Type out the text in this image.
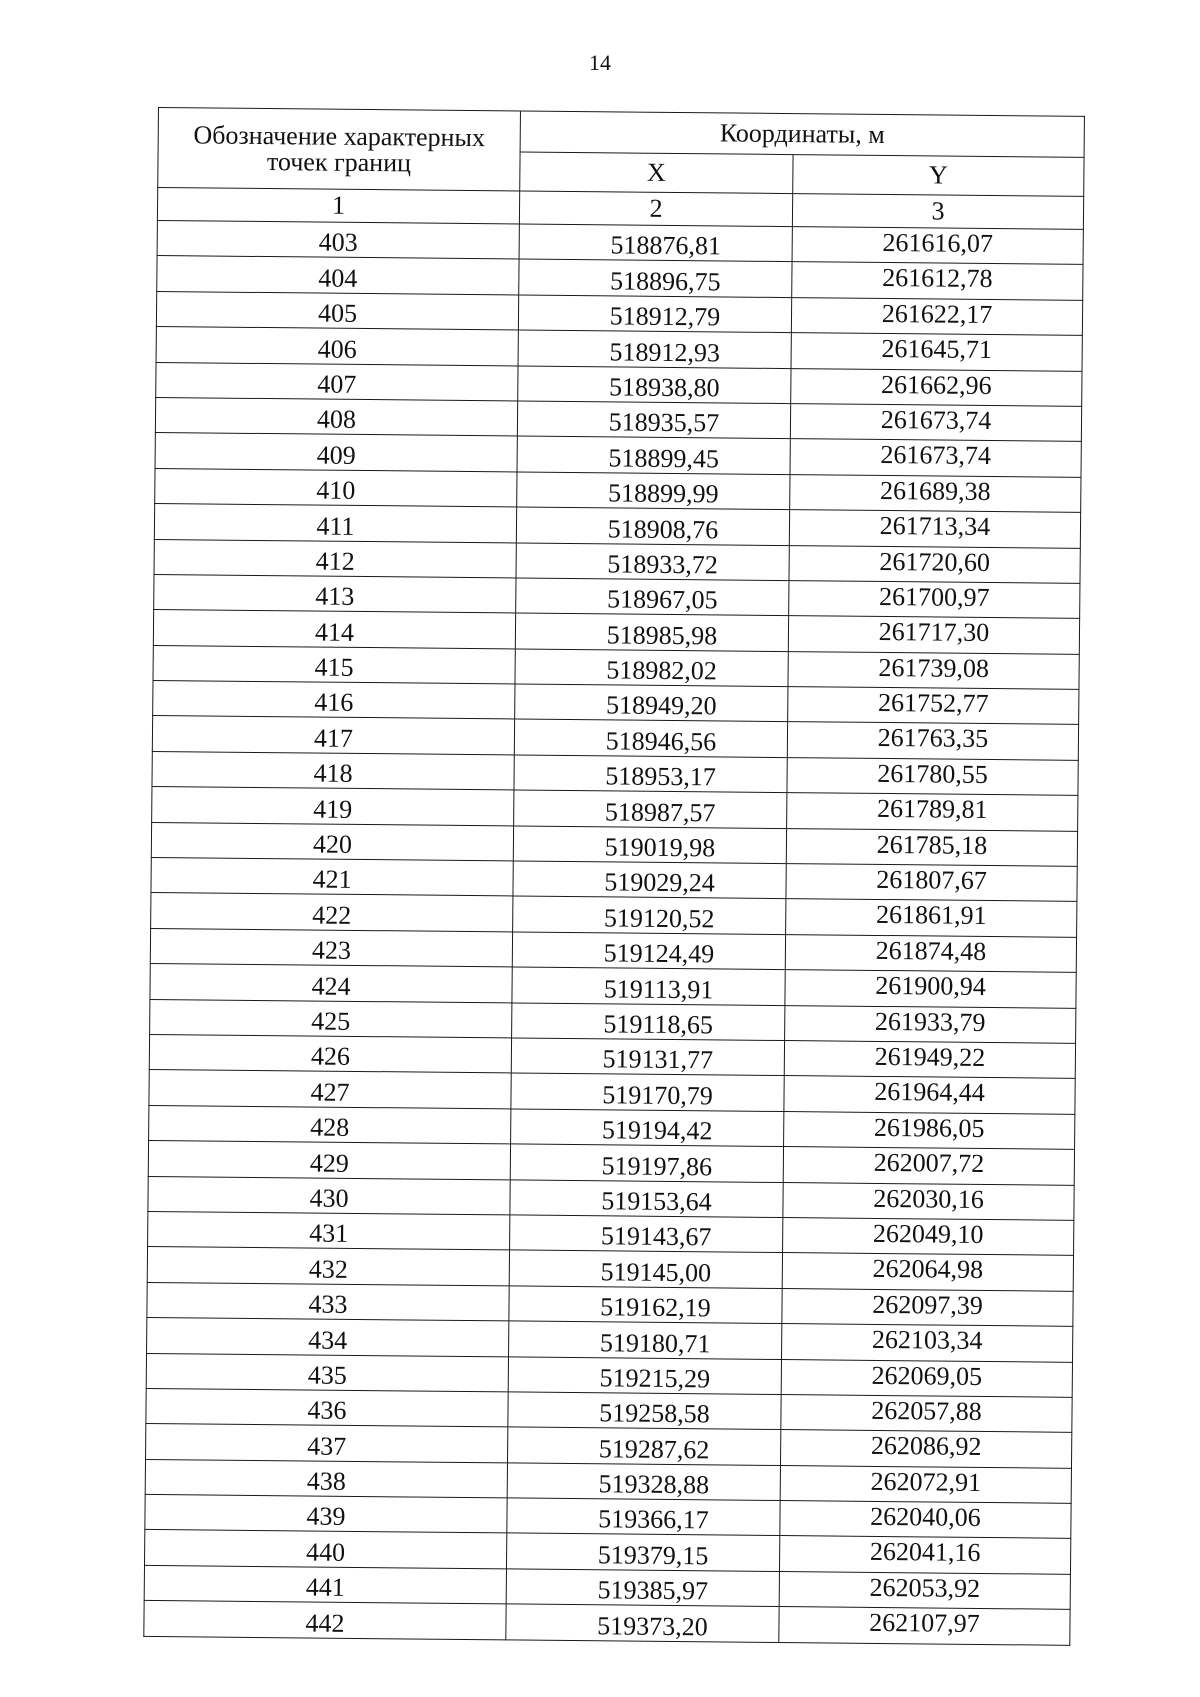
14
Обозначение характерных
точек границ	Координаты, м	
	X	Y
1	2	3
403	518876,81	261616,07
404	518896,75	261612,78
405	518912,79	261622,17
406	518912,93	261645,71
407	518938,80	261662,96
408	518935,57	261673,74
409	518899,45	261673,74
410	518899,99	261689,38
411	518908,76	261713,34
412	518933,72	261720,60
413	518967,05	261700,97
414	518985,98	261717,30
415	518982,02	261739,08
416	518949,20	261752,77
417	518946,56	261763,35
418	518953,17	261780,55
419	518987,57	261789,81
420	519019,98	261785,18
421	519029,24	261807,67
422	519120,52	261861,91
423	519124,49	261874,48
424	519113,91	261900,94
425	519118,65	261933,79
426	519131,77	261949,22
427	519170,79	261964,44
428	519194,42	261986,05
429	519197,86	262007,72
430	519153,64	262030,16
431	519143,67	262049,10
432	519145,00	262064,98
433	519162,19	262097,39
434	519180,71	262103,34
435	519215,29	262069,05
436	519258,58	262057,88
437	519287,62	262086,92
438	519328,88	262072,91
439	519366,17	262040,06
440	519379,15	262041,16
441	519385,97	262053,92
442	519373,20	262107,97
